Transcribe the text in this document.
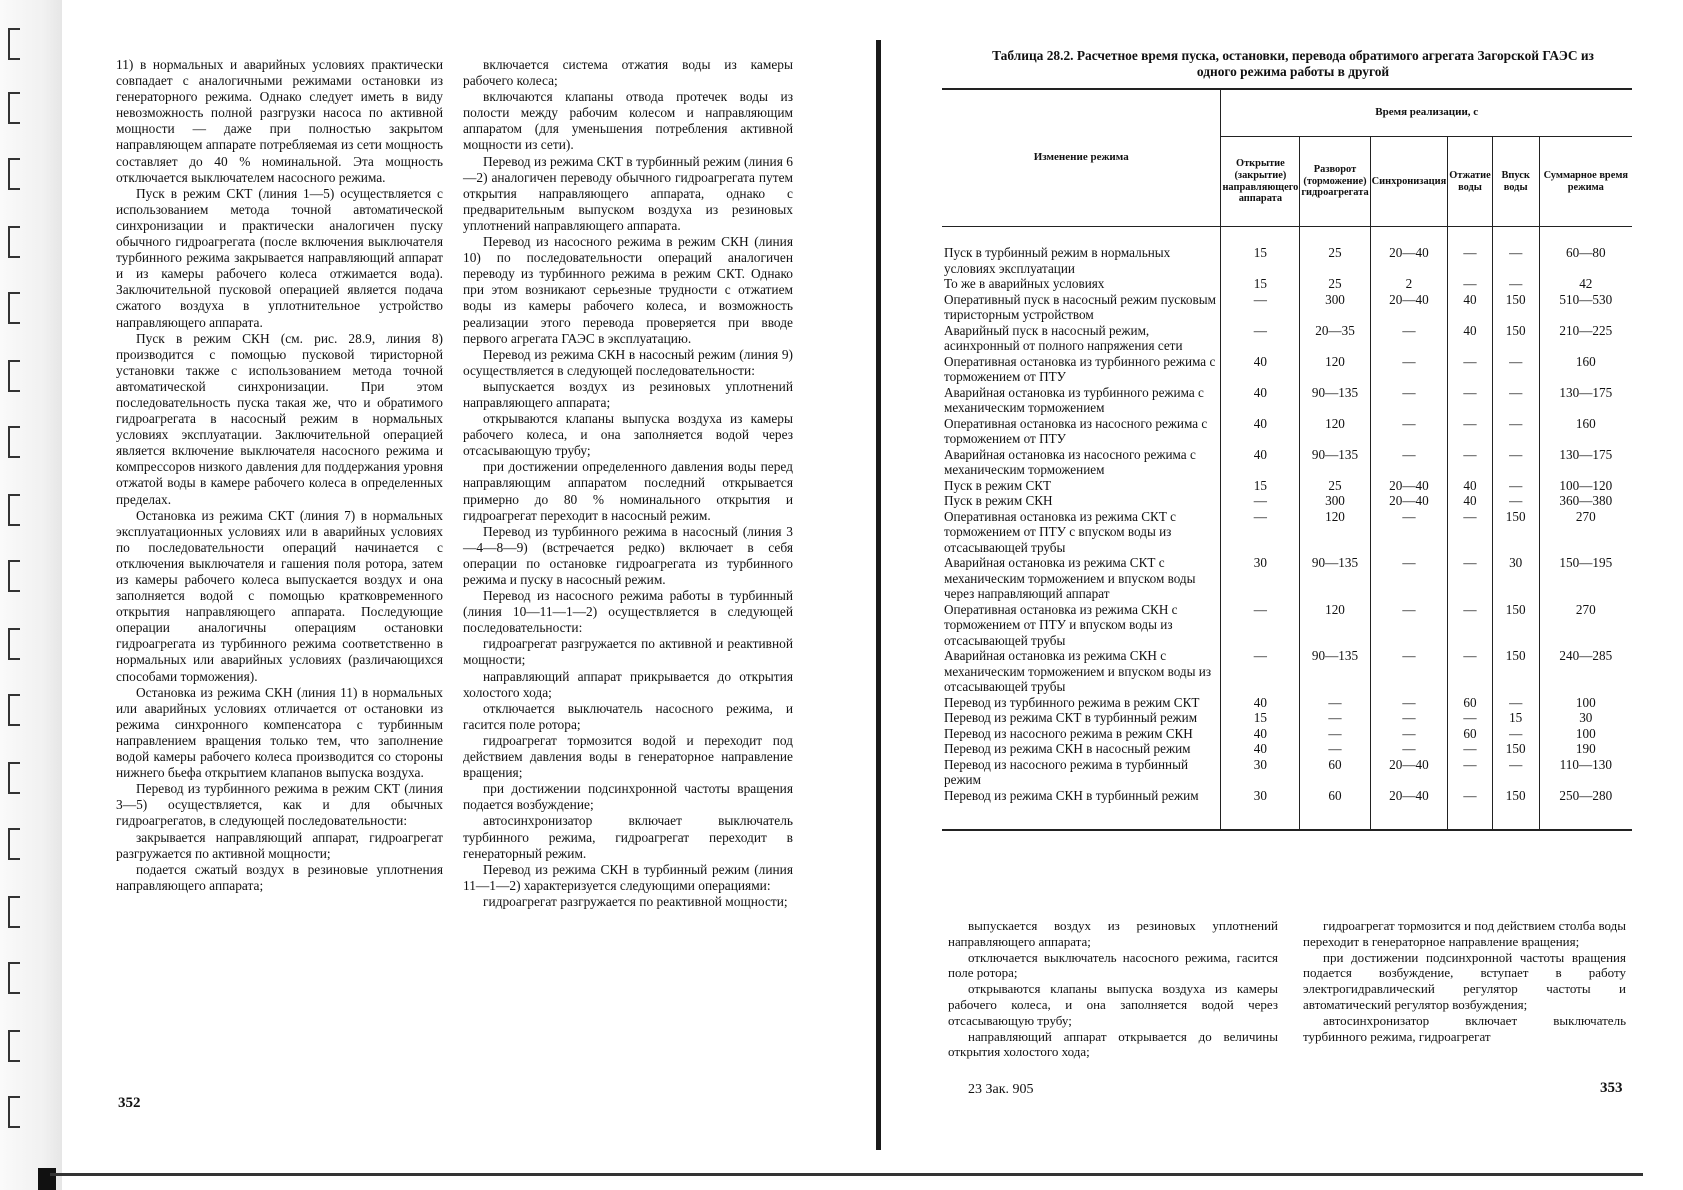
11) в нормальных и аварийных условиях практически совпадает с аналогичными режимами остановки из генераторного режима. Однако следует иметь в виду невозможность полной разгрузки насоса по активной мощности — даже при полностью закрытом направляющем аппарате потребляемая из сети мощность составляет до 40 % номинальной. Эта мощность отключается выключателем насосного режима.

Пуск в режим СКТ (линия 1—5) осуществляется с использованием метода точной автоматической синхронизации и практически аналогичен пуску обычного гидроагрегата (после включения выключателя турбинного режима закрывается направляющий аппарат и из камеры рабочего колеса отжимается вода). Заключительной пусковой операцией является подача сжатого воздуха в уплотнительное устройство направляющего аппарата.

Пуск в режим СКН (см. рис. 28.9, линия 8) производится с помощью пусковой тиристорной установки также с использованием метода точной автоматической синхронизации. При этом последовательность пуска такая же, что и обратимого гидроагрегата в насосный режим в нормальных условиях эксплуатации. Заключительной операцией является включение выключателя насосного режима и компрессоров низкого давления для поддержания уровня отжатой воды в камере рабочего колеса в определенных пределах.

Остановка из режима СКТ (линия 7) в нормальных эксплуатационных условиях или в аварийных условиях по последовательности операций начинается с отключения выключателя и гашения поля ротора, затем из камеры рабочего колеса выпускается воздух и она заполняется водой с помощью кратковременного открытия направляющего аппарата. Последующие операции аналогичны операциям остановки гидроагрегата из турбинного режима соответственно в нормальных или аварийных условиях (различающихся способами торможения).

Остановка из режима СКН (линия 11) в нормальных или аварийных условиях отличается от остановки из режима синхронного компенсатора с турбинным направлением вращения только тем, что заполнение водой камеры рабочего колеса производится со стороны нижнего бьефа открытием клапанов выпуска воздуха.

Перевод из турбинного режима в режим СКТ (линия 3—5) осуществляется, как и для обычных гидроагрегатов, в следующей последовательности:

закрывается направляющий аппарат, гидроагрегат разгружается по активной мощности;

подается сжатый воздух в резиновые уплотнения направляющего аппарата;

включается система отжатия воды из камеры рабочего колеса;

включаются клапаны отвода протечек воды из полости между рабочим колесом и направляющим аппаратом (для уменьшения потребления активной мощности из сети).

Перевод из режима СКТ в турбинный режим (линия 6—2) аналогичен переводу обычного гидроагрегата путем открытия направляющего аппарата, однако с предварительным выпуском воздуха из резиновых уплотнений направляющего аппарата.

Перевод из насосного режима в режим СКН (линия 10) по последовательности операций аналогичен переводу из турбинного режима в режим СКТ. Однако при этом возникают серьезные трудности с отжатием воды из камеры рабочего колеса, и возможность реализации этого перевода проверяется при вводе первого агрегата ГАЭС в эксплуатацию.

Перевод из режима СКН в насосный режим (линия 9) осуществляется в следующей последовательности:

выпускается воздух из резиновых уплотнений направляющего аппарата;

открываются клапаны выпуска воздуха из камеры рабочего колеса, и она заполняется водой через отсасывающую трубу;

при достижении определенного давления воды перед направляющим аппаратом последний открывается примерно до 80 % номинального открытия и гидроагрегат переходит в насосный режим.

Перевод из турбинного режима в насосный (линия 3—4—8—9) (встречается редко) включает в себя операции по остановке гидроагрегата из турбинного режима и пуску в насосный режим.

Перевод из насосного режима работы в турбинный (линия 10—11—1—2) осуществляется в следующей последовательности:

гидроагрегат разгружается по активной и реактивной мощности;

направляющий аппарат прикрывается до открытия холостого хода;

отключается выключатель насосного режима, и гасится поле ротора;

гидроагрегат тормозится водой и переходит под действием давления воды в генераторное направление вращения;

при достижении подсинхронной частоты вращения подается возбуждение;

автосинхронизатор включает выключатель турбинного режима, гидроагрегат переходит в генераторный режим.

Перевод из режима СКН в турбинный режим (линия 11—1—2) характеризуется следующими операциями:

гидроагрегат разгружается по реактивной мощности;

352
Таблица 28.2. Расчетное время пуска, остановки, перевода обратимого агрегата Загорской ГАЭС из одного режима работы в другой
Изменение режима	Время реализации, с					
	Открытие (закрытие) направляющего аппарата	Разворот (торможение) гидроагрегата	Синхронизация	Отжатие воды	Впуск воды	Суммарное время режима

Пуск в турбинный режим в нормальных условиях эксплуатации	15	25	20—40	—	—	60—80
То же в аварийных условиях	15	25	2	—	—	42
Оперативный пуск в насосный режим пусковым тиристорным устройством	—	300	20—40	40	150	510—530
Аварийный пуск в насосный режим, асинхронный от полного напряжения сети	—	20—35	—	40	150	210—225
Оперативная остановка из турбинного режима с торможением от ПТУ	40	120	—	—	—	160
Аварийная остановка из турбинного режима с механическим торможением	40	90—135	—	—	—	130—175
Оперативная остановка из насосного режима с торможением от ПТУ	40	120	—	—	—	160
Аварийная остановка из насосного режима с механическим торможением	40	90—135	—	—	—	130—175
Пуск в режим СКТ	15	25	20—40	40	—	100—120
Пуск в режим СКН	—	300	20—40	40	—	360—380
Оперативная остановка из режима СКТ с торможением от ПТУ с впуском воды из отсасывающей трубы	—	120	—	—	150	270
Аварийная остановка из режима СКТ с механическим торможением и впуском воды через направляющий аппарат	30	90—135	—	—	30	150—195
Оперативная остановка из режима СКН с торможением от ПТУ и впуском воды из отсасывающей трубы	—	120	—	—	150	270
Аварийная остановка из режима СКН с механическим торможением и впуском воды из отсасывающей трубы	—	90—135	—	—	150	240—285
Перевод из турбинного режима в режим СКТ	40	—	—	60	—	100
Перевод из режима СКТ в турбинный режим	15	—	—	—	15	30
Перевод из насосного режима в режим СКН	40	—	—	60	—	100
Перевод из режима СКН в насосный режим	40	—	—	—	150	190
Перевод из насосного режима в турбинный режим	30	60	20—40	—	—	110—130
Перевод из режима СКН в турбинный режим	30	60	20—40	—	150	250—280

выпускается воздух из резиновых уплотнений направляющего аппарата;

отключается выключатель насосного режима, гасится поле ротора;

открываются клапаны выпуска воздуха из камеры рабочего колеса, и она заполняется водой через отсасывающую трубу;

направляющий аппарат открывается до величины открытия холостого хода;

гидроагрегат тормозится и под действием столба воды переходит в генераторное направление вращения;

при достижении подсинхронной частоты вращения подается возбуждение, вступает в работу электрогидравлический регулятор частоты и автоматический регулятор возбуждения;

автосинхронизатор включает выключатель турбинного режима, гидроагрегат

23 Зак. 905	353
